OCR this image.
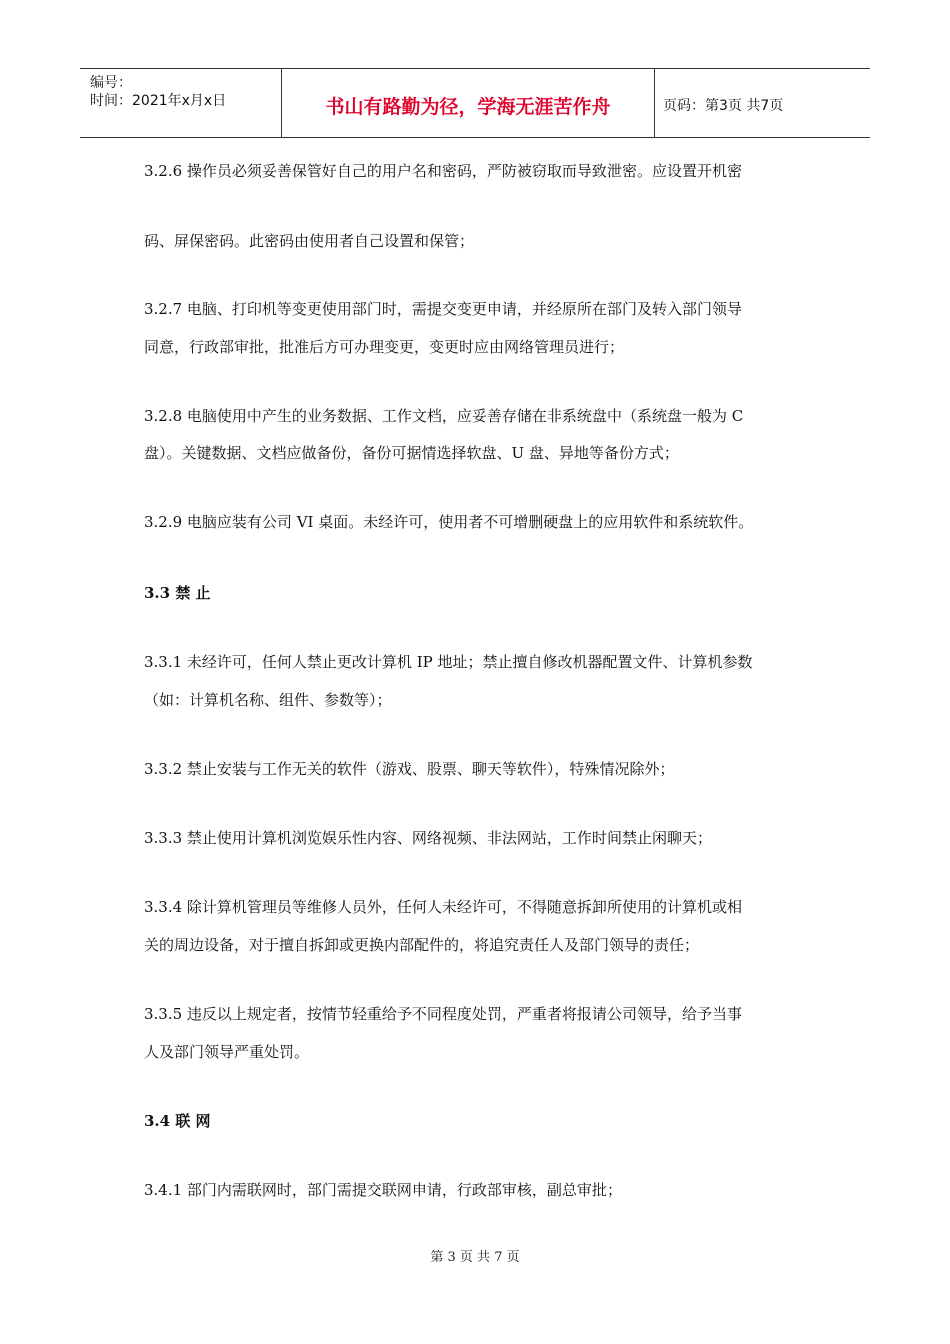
编号：
时间：2021年x月x日	书山有路勤为径，学海无涯苦作舟	页码：第3页 共7页
3.2.6 操作员必须妥善保管好自己的用户名和密码，严防被窃取而导致泄密。应设置开机密
码、屏保密码。此密码由使用者自己设置和保管；
3.2.7 电脑、打印机等变更使用部门时，需提交变更申请，并经原所在部门及转入部门领导
同意，行政部审批，批准后方可办理变更，变更时应由网络管理员进行；
3.2.8 电脑使用中产生的业务数据、工作文档，应妥善存储在非系统盘中（系统盘一般为 C
盘）。关键数据、文档应做备份，备份可据情选择软盘、U 盘、异地等备份方式；
3.2.9 电脑应装有公司 VI 桌面。未经许可，使用者不可增删硬盘上的应用软件和系统软件。
3.3 禁 止
3.3.1 未经许可，任何人禁止更改计算机 IP 地址；禁止擅自修改机器配置文件、计算机参数
（如：计算机名称、组件、参数等）；
3.3.2 禁止安装与工作无关的软件（游戏、股票、聊天等软件），特殊情况除外；
3.3.3 禁止使用计算机浏览娱乐性内容、网络视频、非法网站，工作时间禁止闲聊天；
3.3.4 除计算机管理员等维修人员外，任何人未经许可，不得随意拆卸所使用的计算机或相
关的周边设备，对于擅自拆卸或更换内部配件的，将追究责任人及部门领导的责任；
3.3.5 违反以上规定者，按情节轻重给予不同程度处罚，严重者将报请公司领导，给予当事
人及部门领导严重处罚。
3.4 联 网
3.4.1 部门内需联网时，部门需提交联网申请，行政部审核，副总审批；
第 3 页 共 7 页
